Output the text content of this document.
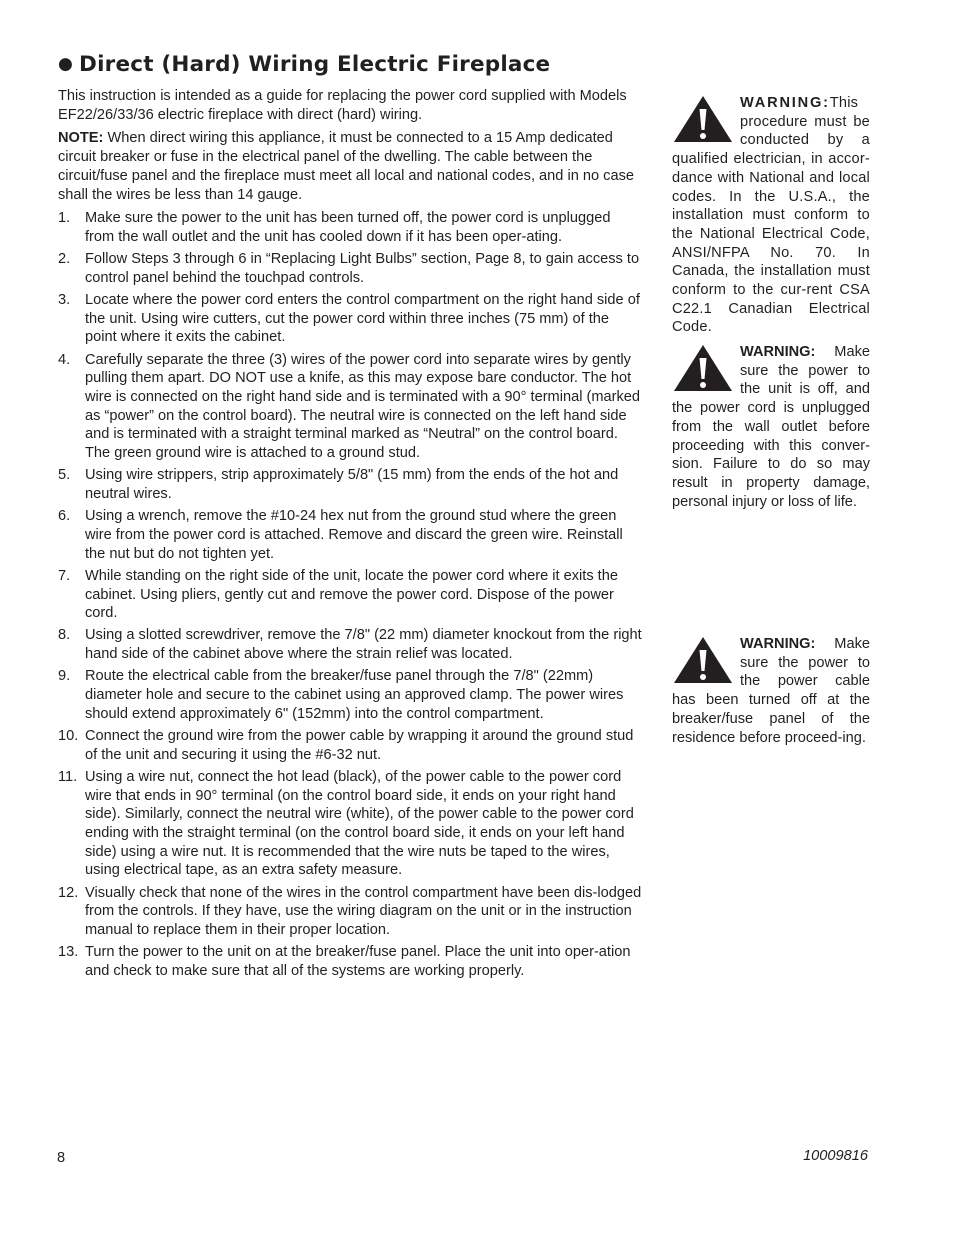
● Direct (Hard) Wiring Electric Fireplace

This instruction is intended as a guide for replacing the power cord supplied with Models EF22/26/33/36 electric fireplace with direct (hard) wiring.

NOTE: When direct wiring this appliance, it must be connected to a 15 Amp dedicated circuit breaker or fuse in the electrical panel of the dwelling. The cable between the circuit/fuse panel and the fireplace must meet all local and national codes, and in no case shall the wires be less than 14 gauge.

1. Make sure the power to the unit has been turned off, the power cord is unplugged from the wall outlet and the unit has cooled down if it has been oper-ating.
2. Follow Steps 3 through 6 in “Replacing Light Bulbs” section, Page 8, to gain access to control panel behind the touchpad controls.
3. Locate where the power cord enters the control compartment on the right hand side of the unit. Using wire cutters, cut the power cord within three inches (75 mm) of the point where it exits the cabinet.
4. Carefully separate the three (3) wires of the power cord into separate wires by gently pulling them apart. DO NOT use a knife, as this may expose bare conductor. The hot wire is connected on the right hand side and is terminated with a 90° terminal (marked as “power” on the control board). The neutral wire is connected on the left hand side and is terminated with a straight terminal marked as “Neutral” on the control board. The green ground wire is attached to a ground stud.
5. Using wire strippers, strip approximately 5/8" (15 mm) from the ends of the hot and neutral wires.
6. Using a wrench, remove the #10-24 hex nut from the ground stud where the green wire from the power cord is attached. Remove and discard the green wire. Reinstall the nut but do not tighten yet.
7. While standing on the right side of the unit, locate the power cord where it exits the cabinet. Using pliers, gently cut and remove the power cord. Dispose of the power cord.
8. Using a slotted screwdriver, remove the 7/8" (22 mm) diameter knockout from the right hand side of the cabinet above where the strain relief was located.
9. Route the electrical cable from the breaker/fuse panel through the 7/8" (22mm) diameter hole and secure to the cabinet using an approved clamp. The power wires should extend approximately 6" (152mm) into the control compartment.
10. Connect the ground wire from the power cable by wrapping it around the ground stud of the unit and securing it using the #6-32 nut.
11. Using a wire nut, connect the hot lead (black), of the power cable to the power cord wire that ends in 90° terminal (on the control board side, it ends on your right hand side). Similarly, connect the neutral wire (white), of the power cable to the power cord ending with the straight terminal (on the control board side, it ends on your left hand side) using a wire nut. It is recommended that the wire nuts be taped to the wires, using electrical tape, as an extra safety measure.
12. Visually check that none of the wires in the control compartment have been dis-lodged from the controls. If they have, use the wiring diagram on the unit or in the instruction manual to replace them in their proper location.
13. Turn the power to the unit on at the breaker/fuse panel. Place the unit into oper-ation and check to make sure that all of the systems are working properly.
WARNING:This procedure must be conducted by a qualified electrician, in accor-dance with National and local codes. In the U.S.A., the installation must conform to the National Electrical Code, ANSI/NFPA No. 70. In Canada, the installation must conform to the cur-rent CSA C22.1 Canadian Electrical Code.
WARNING: Make sure the power to the unit is off, and the power cord is unplugged from the wall outlet before proceeding with this conver-sion. Failure to do so may result in property damage, personal injury or loss of life.
WARNING: Make sure the power to the power cable has been turned off at the breaker/fuse panel of the residence before proceed-ing.
8	10009816
